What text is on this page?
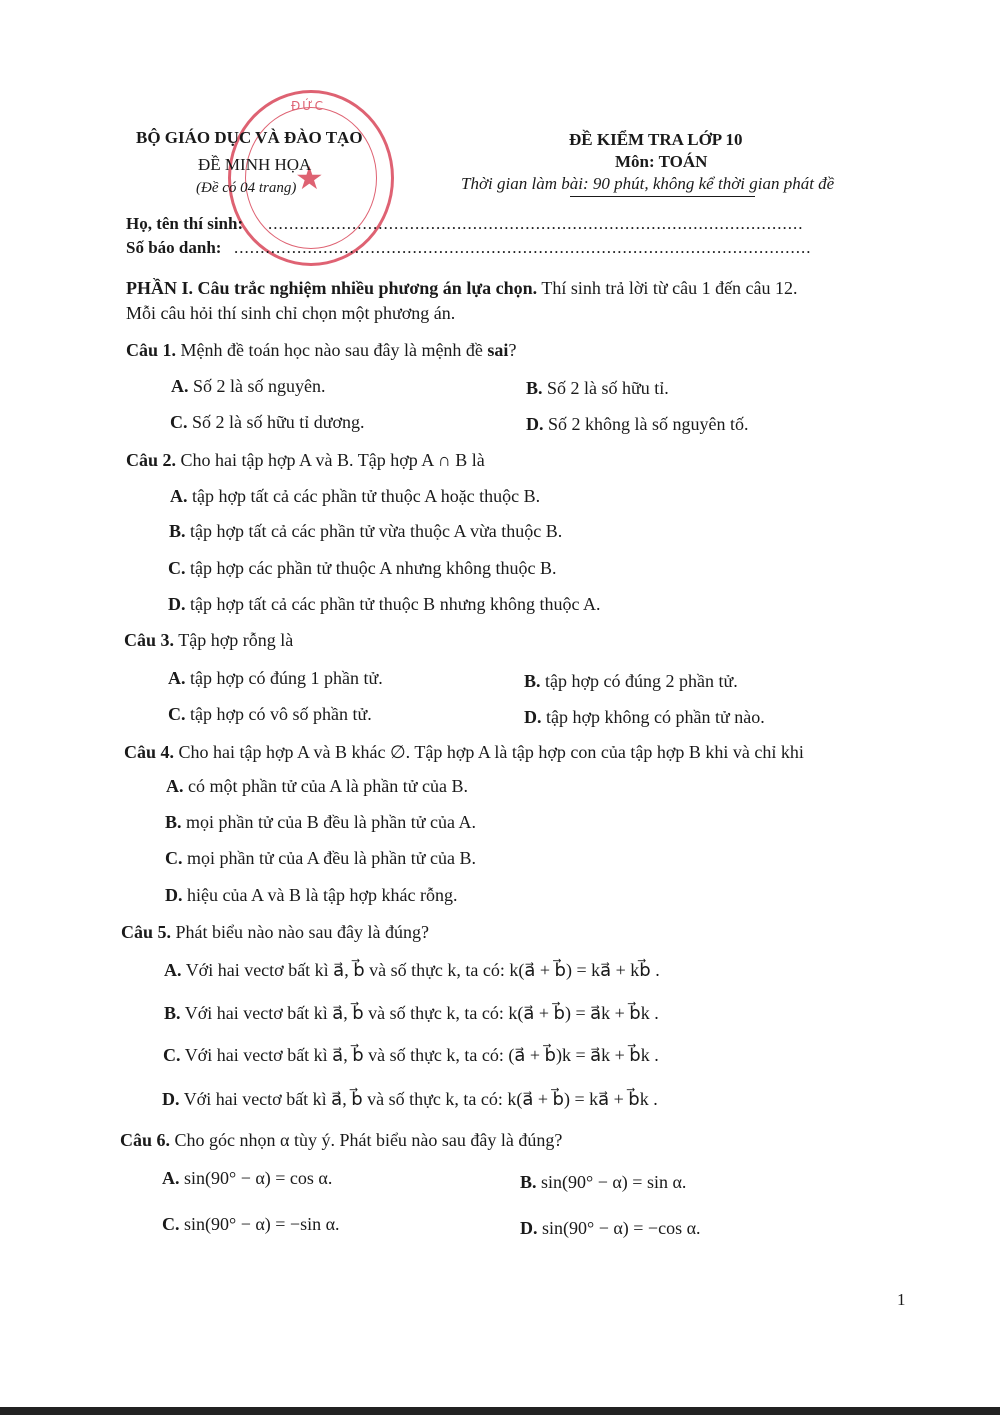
ĐỨC
★
BỘ GIÁO DỤC VÀ ĐÀO TẠO
ĐỀ MINH HỌA
(Đề có 04 trang)
ĐỀ KIỂM TRA LỚP 10
Môn: TOÁN
Thời gian làm bài: 90 phút, không kể thời gian phát đề
Họ, tên thí sinh: ......................................................................................................
Số báo danh: ..............................................................................................................
PHẦN I. Câu trắc nghiệm nhiều phương án lựa chọn. Thí sinh trả lời từ câu 1 đến câu 12.
Mỗi câu hỏi thí sinh chỉ chọn một phương án.
Câu 1. Mệnh đề toán học nào sau đây là mệnh đề sai?
A. Số 2 là số nguyên.	B. Số 2 là số hữu tỉ.
C. Số 2 là số hữu tỉ dương.	D. Số 2 không là số nguyên tố.
Câu 2. Cho hai tập hợp A và B. Tập hợp A ∩ B là
A. tập hợp tất cả các phần tử thuộc A hoặc thuộc B.
B. tập hợp tất cả các phần tử vừa thuộc A vừa thuộc B.
C. tập hợp các phần tử thuộc A nhưng không thuộc B.
D. tập hợp tất cả các phần tử thuộc B nhưng không thuộc A.
Câu 3. Tập hợp rỗng là
A. tập hợp có đúng 1 phần tử.	B. tập hợp có đúng 2 phần tử.
C. tập hợp có vô số phần tử.	D. tập hợp không có phần tử nào.
Câu 4. Cho hai tập hợp A và B khác ∅. Tập hợp A là tập hợp con của tập hợp B khi và chỉ khi
A. có một phần tử của A là phần tử của B.
B. mọi phần tử của B đều là phần tử của A.
C. mọi phần tử của A đều là phần tử của B.
D. hiệu của A và B là tập hợp khác rỗng.
Câu 5. Phát biểu nào nào sau đây là đúng?
A. Với hai vectơ bất kì a⃗, b⃗ và số thực k, ta có: k(a⃗ + b⃗) = ka⃗ + kb⃗ .
B. Với hai vectơ bất kì a⃗, b⃗ và số thực k, ta có: k(a⃗ + b⃗) = a⃗k + b⃗k .
C. Với hai vectơ bất kì a⃗, b⃗ và số thực k, ta có: (a⃗ + b⃗)k = a⃗k + b⃗k .
D. Với hai vectơ bất kì a⃗, b⃗ và số thực k, ta có: k(a⃗ + b⃗) = ka⃗ + b⃗k .
Câu 6. Cho góc nhọn α tùy ý. Phát biểu nào sau đây là đúng?
A. sin(90° − α) = cos α.	B. sin(90° − α) = sin α.
C. sin(90° − α) = −sin α.	D. sin(90° − α) = −cos α.
1
